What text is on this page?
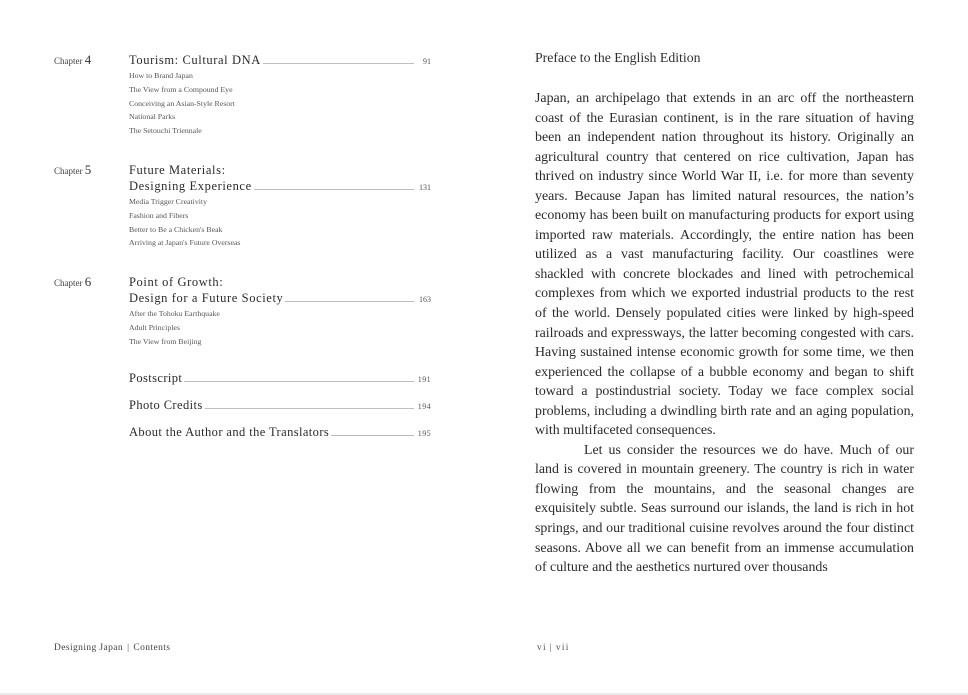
Chapter 4	Tourism: Cultural DNA	91
How to Brand Japan
The View from a Compound Eye
Conceiving an Asian-Style Resort
National Parks
The Setouchi Triennale
Chapter 5	Future Materials:
Designing Experience	131
Media Trigger Creativity
Fashion and Fibers
Better to Be a Chicken's Beak
Arriving at Japan's Future Overseas
Chapter 6	Point of Growth:
Design for a Future Society	163
After the Tohoku Earthquake
Adult Principles
The View from Beijing
Postscript	191
Photo Credits	194
About the Author and the Translators	195
Designing Japan | Contents
Preface to the English Edition

Japan, an archipelago that extends in an arc off the northeastern coast of the Eurasian continent, is in the rare situation of having been an independent nation throughout its history. Originally an agricultural country that centered on rice cultivation, Japan has thrived on industry since World War II, i.e. for more than seventy years. Because Japan has limited natural resources, the nation’s economy has been built on manufacturing products for export using imported raw materials. Accordingly, the entire nation has been utilized as a vast manufacturing facility. Our coastlines were shackled with concrete blockades and lined with petrochemical complexes from which we exported industrial products to the rest of the world. Densely populated cities were linked by high-speed railroads and expressways, the latter becoming congested with cars. Having sustained intense economic growth for some time, we then experienced the collapse of a bubble economy and began to shift toward a postindustrial society. Today we face complex social problems, including a dwindling birth rate and an aging population, with multifaceted consequences.

Let us consider the resources we do have. Much of our land is covered in mountain greenery. The country is rich in water flowing from the mountains, and the seasonal changes are exquisitely subtle. Seas surround our islands, the land is rich in hot springs, and our traditional cuisine revolves around the four distinct seasons. Above all we can benefit from an immense accumulation of culture and the aesthetics nurtured over thousands

vi | vii
